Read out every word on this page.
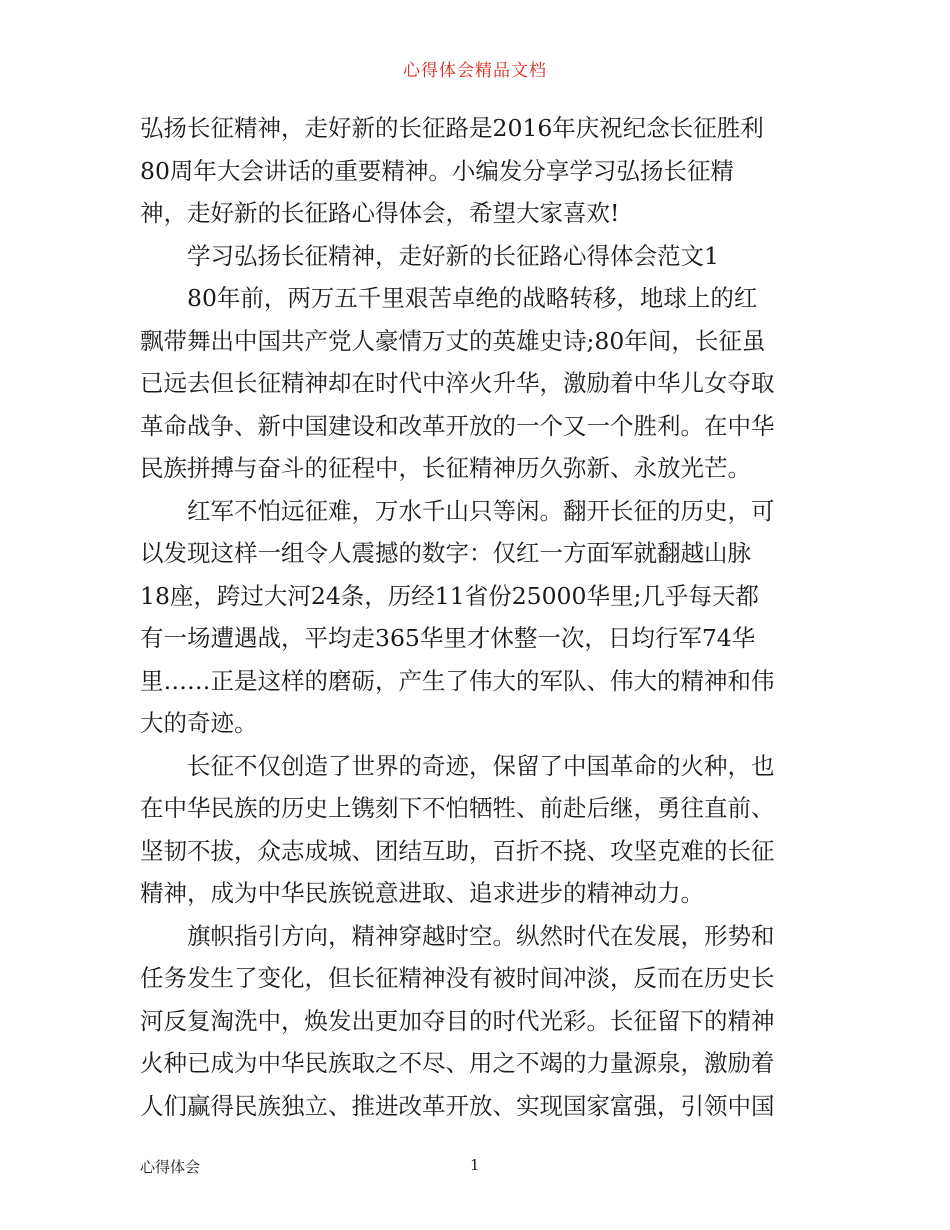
心得体会精品文档
弘扬长征精神，走好新的长征路是2016年庆祝纪念长征胜利
80周年大会讲话的重要精神。小编发分享学习弘扬长征精
神，走好新的长征路心得体会，希望大家喜欢!
学习弘扬长征精神，走好新的长征路心得体会范文1
80年前，两万五千里艰苦卓绝的战略转移，地球上的红
飘带舞出中国共产党人豪情万丈的英雄史诗;80年间，长征虽
已远去但长征精神却在时代中淬火升华，激励着中华儿女夺取
革命战争、新中国建设和改革开放的一个又一个胜利。在中华
民族拼搏与奋斗的征程中，长征精神历久弥新、永放光芒。
红军不怕远征难，万水千山只等闲。翻开长征的历史，可
以发现这样一组令人震撼的数字：仅红一方面军就翻越山脉
18座，跨过大河24条，历经11省份25000华里;几乎每天都
有一场遭遇战，平均走365华里才休整一次，日均行军74华
里……正是这样的磨砺，产生了伟大的军队、伟大的精神和伟
大的奇迹。
长征不仅创造了世界的奇迹，保留了中国革命的火种，也
在中华民族的历史上镌刻下不怕牺牲、前赴后继，勇往直前、
坚韧不拔，众志成城、团结互助，百折不挠、攻坚克难的长征
精神，成为中华民族锐意进取、追求进步的精神动力。
旗帜指引方向，精神穿越时空。纵然时代在发展，形势和
任务发生了变化，但长征精神没有被时间冲淡，反而在历史长
河反复淘洗中，焕发出更加夺目的时代光彩。长征留下的精神
火种已成为中华民族取之不尽、用之不竭的力量源泉，激励着
人们赢得民族独立、推进改革开放、实现国家富强，引领中国
心得体会	1
